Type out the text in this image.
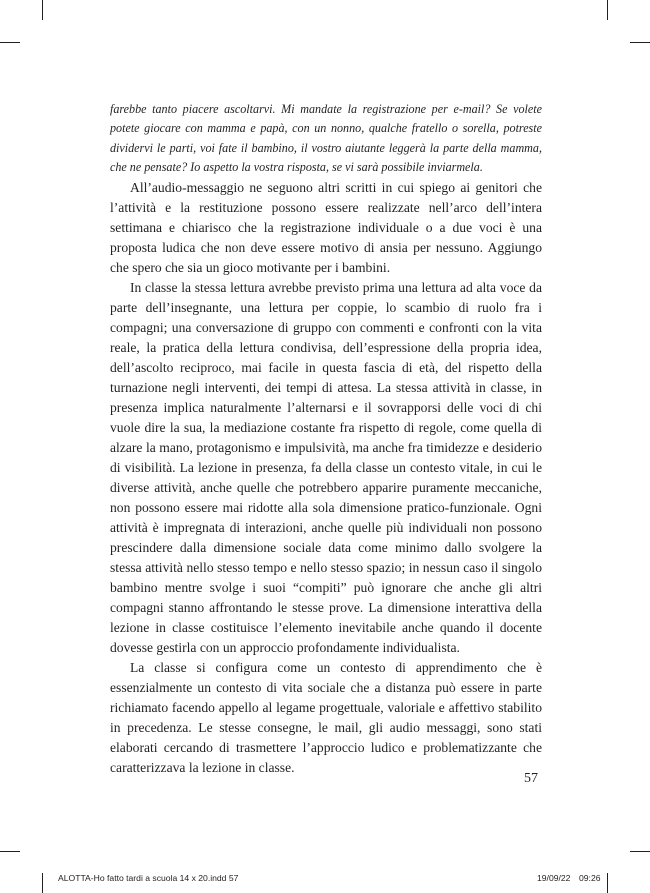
farebbe tanto piacere ascoltarvi. Mi mandate la registrazione per e-mail? Se volete potete giocare con mamma e papà, con un nonno, qualche fratello o sorella, potreste dividervi le parti, voi fate il bambino, il vostro aiutante leggerà la parte della mamma, che ne pensate? Io aspetto la vostra risposta, se vi sarà possibile inviarmela.

All’audio-messaggio ne seguono altri scritti in cui spiego ai genitori che l’attività e la restituzione possono essere realizzate nell’arco dell’intera settimana e chiarisco che la registrazione individuale o a due voci è una proposta ludica che non deve essere motivo di ansia per nessuno. Aggiungo che spero che sia un gioco motivante per i bambini.

In classe la stessa lettura avrebbe previsto prima una lettura ad alta voce da parte dell’insegnante, una lettura per coppie, lo scambio di ruolo fra i compagni; una conversazione di gruppo con commenti e confronti con la vita reale, la pratica della lettura condivisa, dell’espressione della propria idea, dell’ascolto reciproco, mai facile in questa fascia di età, del rispetto della turnazione negli interventi, dei tempi di attesa. La stessa attività in classe, in presenza implica naturalmente l’alternarsi e il sovrapporsi delle voci di chi vuole dire la sua, la mediazione costante fra rispetto di regole, come quella di alzare la mano, protagonismo e impulsività, ma anche fra timidezze e desiderio di visibilità. La lezione in presenza, fa della classe un contesto vitale, in cui le diverse attività, anche quelle che potrebbero apparire puramente meccaniche, non possono essere mai ridotte alla sola dimensione pratico-funzionale. Ogni attività è impregnata di interazioni, anche quelle più individuali non possono prescindere dalla dimensione sociale data come minimo dallo svolgere la stessa attività nello stesso tempo e nello stesso spazio; in nessun caso il singolo bambino mentre svolge i suoi “compiti” può ignorare che anche gli altri compagni stanno affrontando le stesse prove. La dimensione interattiva della lezione in classe costituisce l’elemento inevitabile anche quando il docente dovesse gestirla con un approccio profondamente individualista.

La classe si configura come un contesto di apprendimento che è essenzialmente un contesto di vita sociale che a distanza può essere in parte richiamato facendo appello al legame progettuale, valoriale e affettivo stabilito in precedenza. Le stesse consegne, le mail, gli audio messaggi, sono stati elaborati cercando di trasmettere l’approccio ludico e problematizzante che caratterizzava la lezione in classe.

57
ALOTTA-Ho fatto tardi a scuola 14 x 20.indd 57	19/09/22 09:26
